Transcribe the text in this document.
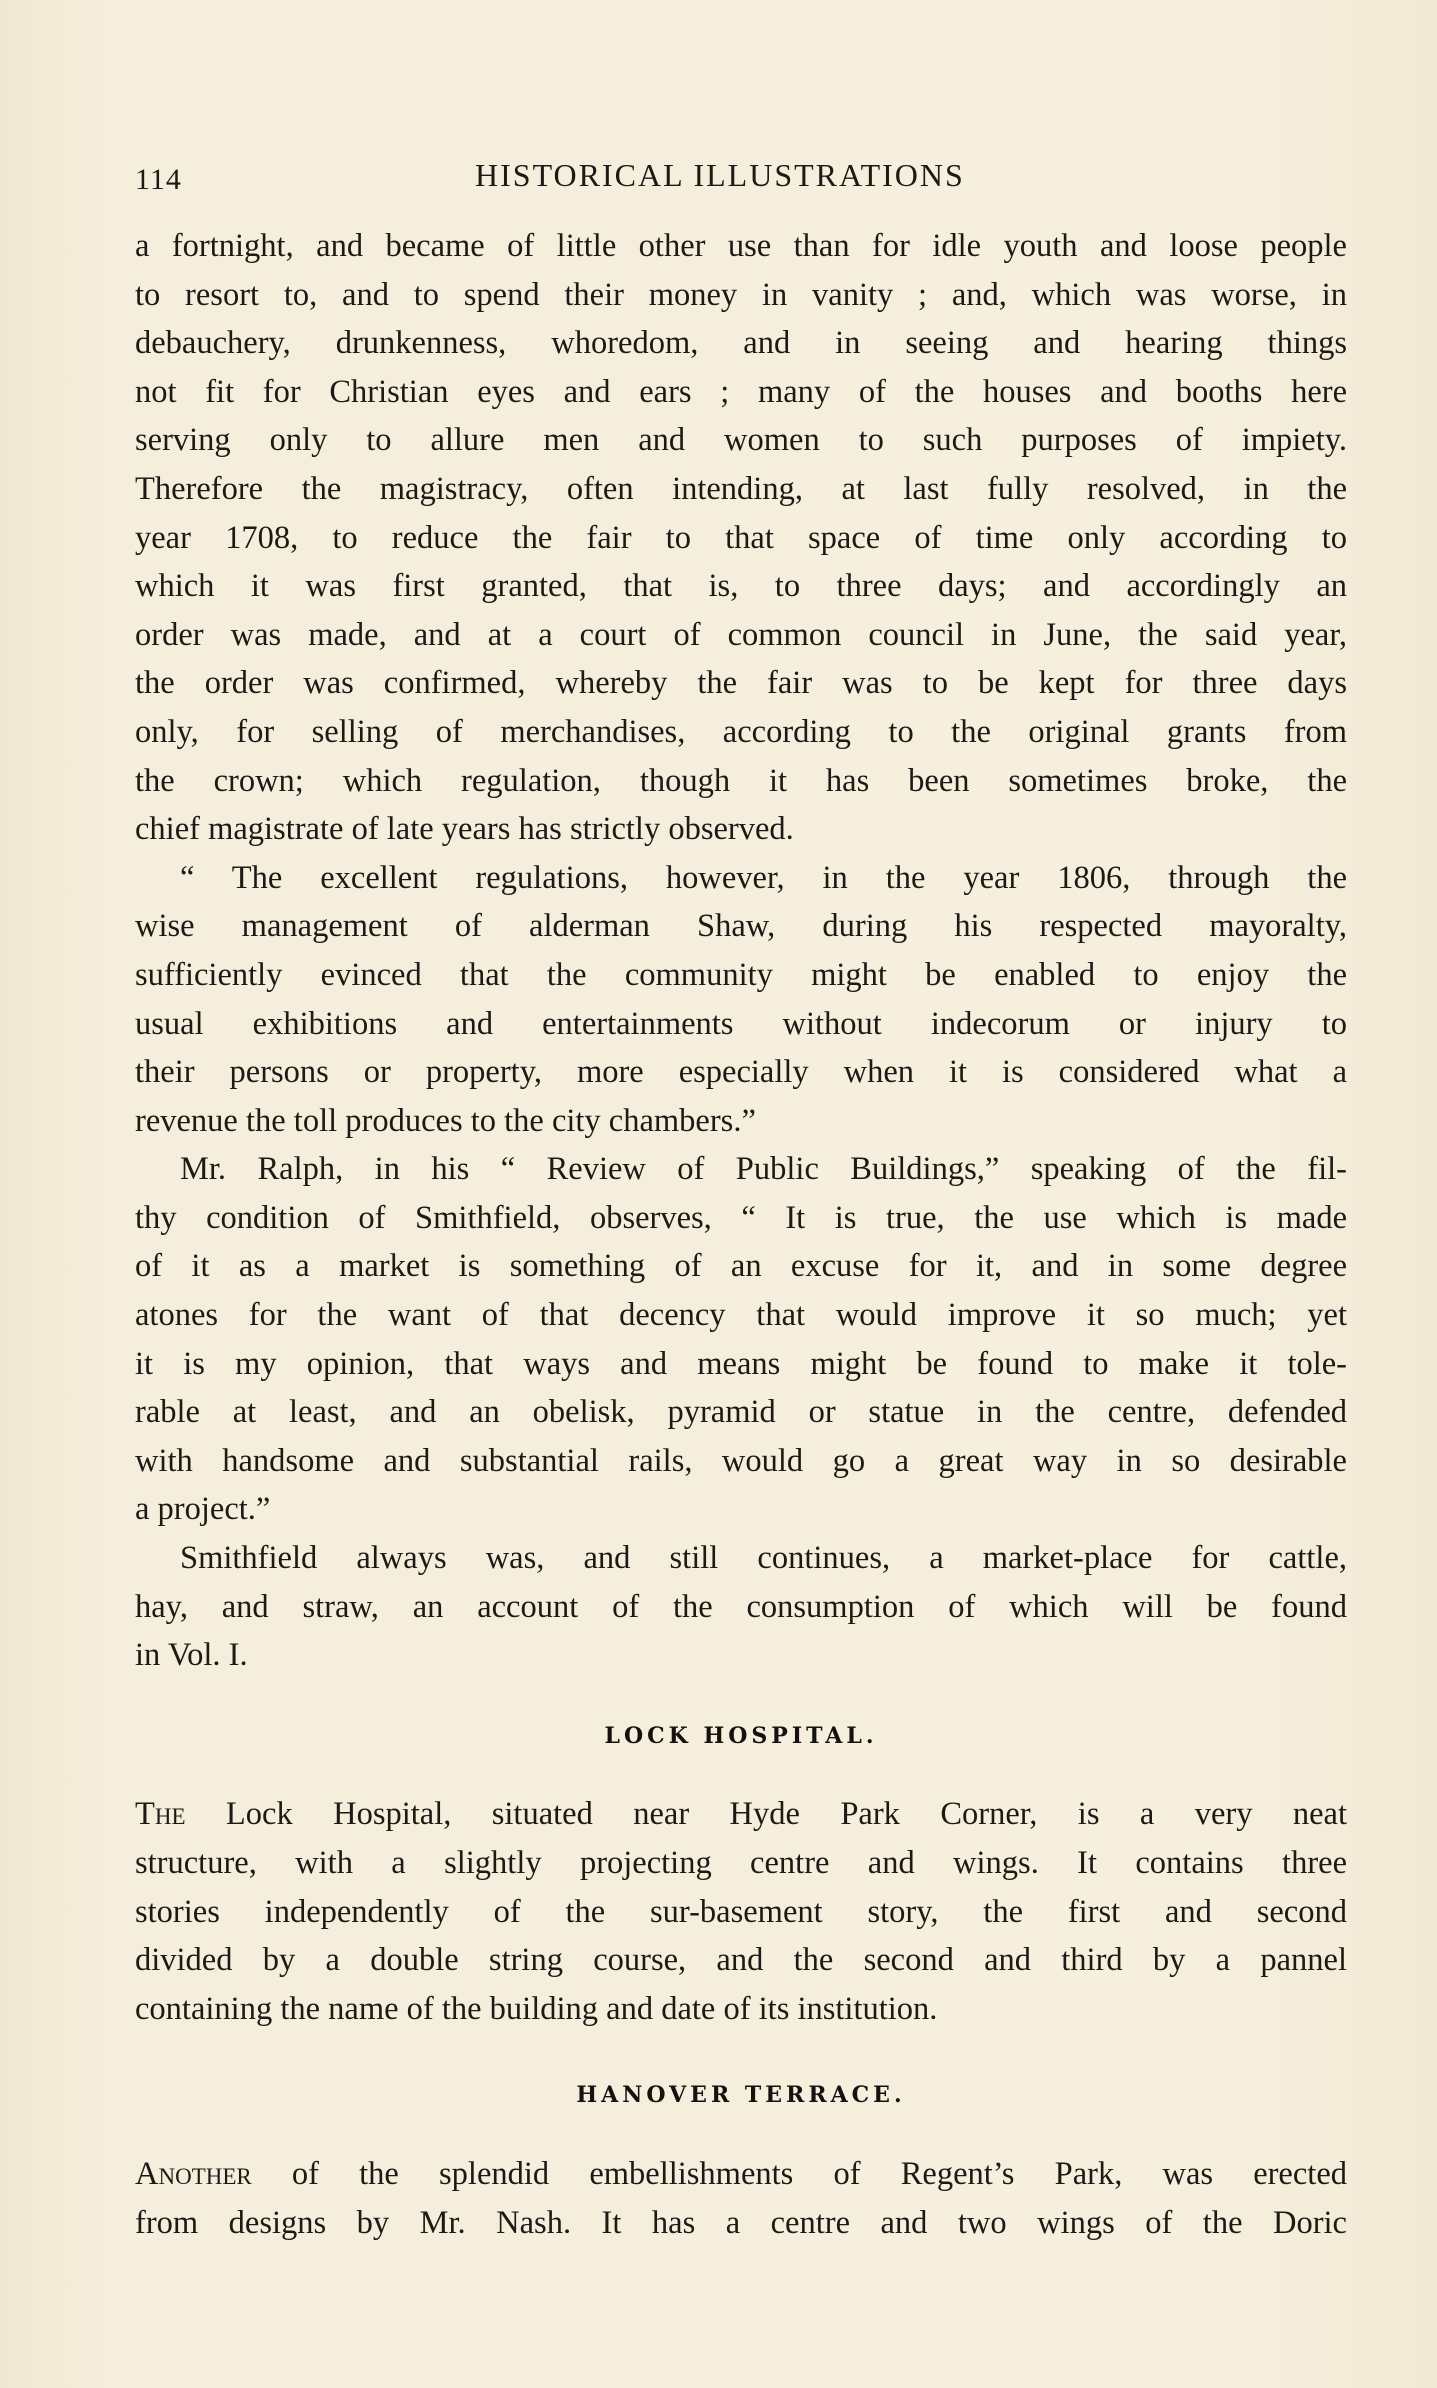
114	HISTORICAL ILLUSTRATIONS
a fortnight, and became of little other use than for idle youth and loose people
to resort to, and to spend their money in vanity ; and, which was worse, in
debauchery, drunkenness, whoredom, and in seeing and hearing things
not fit for Christian eyes and ears ; many of the houses and booths here
serving only to allure men and women to such purposes of impiety.
Therefore the magistracy, often intending, at last fully resolved, in the
year 1708, to reduce the fair to that space of time only according to
which it was first granted, that is, to three days; and accordingly an
order was made, and at a court of common council in June, the said year,
the order was confirmed, whereby the fair was to be kept for three days
only, for selling of merchandises, according to the original grants from
the crown; which regulation, though it has been sometimes broke, the
chief magistrate of late years has strictly observed.
“ The excellent regulations, however, in the year 1806, through the
wise management of alderman Shaw, during his respected mayoralty,
sufficiently evinced that the community might be enabled to enjoy the
usual exhibitions and entertainments without indecorum or injury to
their persons or property, more especially when it is considered what a
revenue the toll produces to the city chambers.”
Mr. Ralph, in his “ Review of Public Buildings,” speaking of the fil-
thy condition of Smithfield, observes, “ It is true, the use which is made
of it as a market is something of an excuse for it, and in some degree
atones for the want of that decency that would improve it so much; yet
it is my opinion, that ways and means might be found to make it tole-
rable at least, and an obelisk, pyramid or statue in the centre, defended
with handsome and substantial rails, would go a great way in so desirable
a project.”
Smithfield always was, and still continues, a market-place for cattle,
hay, and straw, an account of the consumption of which will be found
in Vol. I.
LOCK HOSPITAL.
The Lock Hospital, situated near Hyde Park Corner, is a very neat
structure, with a slightly projecting centre and wings. It contains three
stories independently of the sur-basement story, the first and second
divided by a double string course, and the second and third by a pannel
containing the name of the building and date of its institution.
HANOVER TERRACE.
Another of the splendid embellishments of Regent’s Park, was erected
from designs by Mr. Nash. It has a centre and two wings of the Doric
